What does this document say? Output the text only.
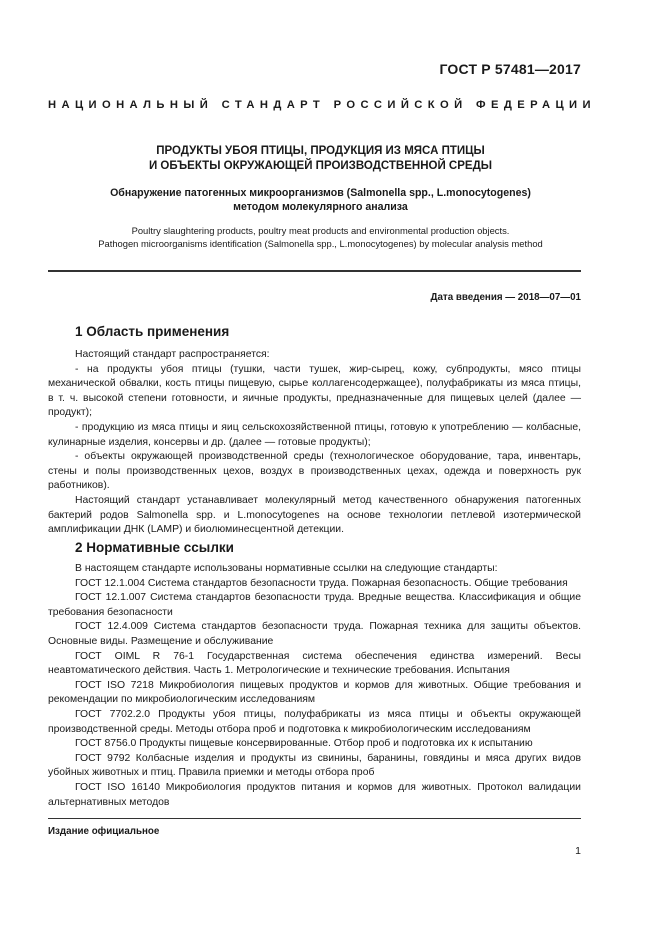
ГОСТ Р 57481—2017
НАЦИОНАЛЬНЫЙ СТАНДАРТ РОССИЙСКОЙ ФЕДЕРАЦИИ
ПРОДУКТЫ УБОЯ ПТИЦЫ, ПРОДУКЦИЯ ИЗ МЯСА ПТИЦЫ
И ОБЪЕКТЫ ОКРУЖАЮЩЕЙ ПРОИЗВОДСТВЕННОЙ СРЕДЫ
Обнаружение патогенных микроорганизмов (Salmonella spp., L.monocytogenes)
методом молекулярного анализа
Poultry slaughtering products, poultry meat products and environmental production objects.
Pathogen microorganisms identification (Salmonella spp., L.monocytogenes) by molecular analysis method
Дата введения — 2018—07—01
1 Область применения

Настоящий стандарт распространяется:

- на продукты убоя птицы (тушки, части тушек, жир-сырец, кожу, субпродукты, мясо птицы механической обвалки, кость птицы пищевую, сырье коллагенсодержащее), полуфабрикаты из мяса птицы, в т. ч. высокой степени готовности, и яичные продукты, предназначенные для пищевых целей (далее — продукт);

- продукцию из мяса птицы и яиц сельскохозяйственной птицы, готовую к употреблению — колбасные, кулинарные изделия, консервы и др. (далее — готовые продукты);

- объекты окружающей производственной среды (технологическое оборудование, тара, инвентарь, стены и полы производственных цехов, воздух в производственных цехах, одежда и поверхность рук работников).

Настоящий стандарт устанавливает молекулярный метод качественного обнаружения патогенных бактерий родов Salmonella spp. и L.monocytogenes на основе технологии петлевой изотермической амплификации ДНК (LAMP) и биолюминесцентной детекции.

2 Нормативные ссылки

В настоящем стандарте использованы нормативные ссылки на следующие стандарты:

ГОСТ 12.1.004 Система стандартов безопасности труда. Пожарная безопасность. Общие требования

ГОСТ 12.1.007 Система стандартов безопасности труда. Вредные вещества. Классификация и общие требования безопасности

ГОСТ 12.4.009 Система стандартов безопасности труда. Пожарная техника для защиты объектов. Основные виды. Размещение и обслуживание

ГОСТ OIML R 76-1 Государственная система обеспечения единства измерений. Весы неавтоматического действия. Часть 1. Метрологические и технические требования. Испытания

ГОСТ ISO 7218 Микробиология пищевых продуктов и кормов для животных. Общие требования и рекомендации по микробиологическим исследованиям

ГОСТ 7702.2.0 Продукты убоя птицы, полуфабрикаты из мяса птицы и объекты окружающей производственной среды. Методы отбора проб и подготовка к микробиологическим исследованиям

ГОСТ 8756.0 Продукты пищевые консервированные. Отбор проб и подготовка их к испытанию

ГОСТ 9792 Колбасные изделия и продукты из свинины, баранины, говядины и мяса других видов убойных животных и птиц. Правила приемки и методы отбора проб

ГОСТ ISO 16140 Микробиология продуктов питания и кормов для животных. Протокол валидации альтернативных методов

Издание официальное
1
